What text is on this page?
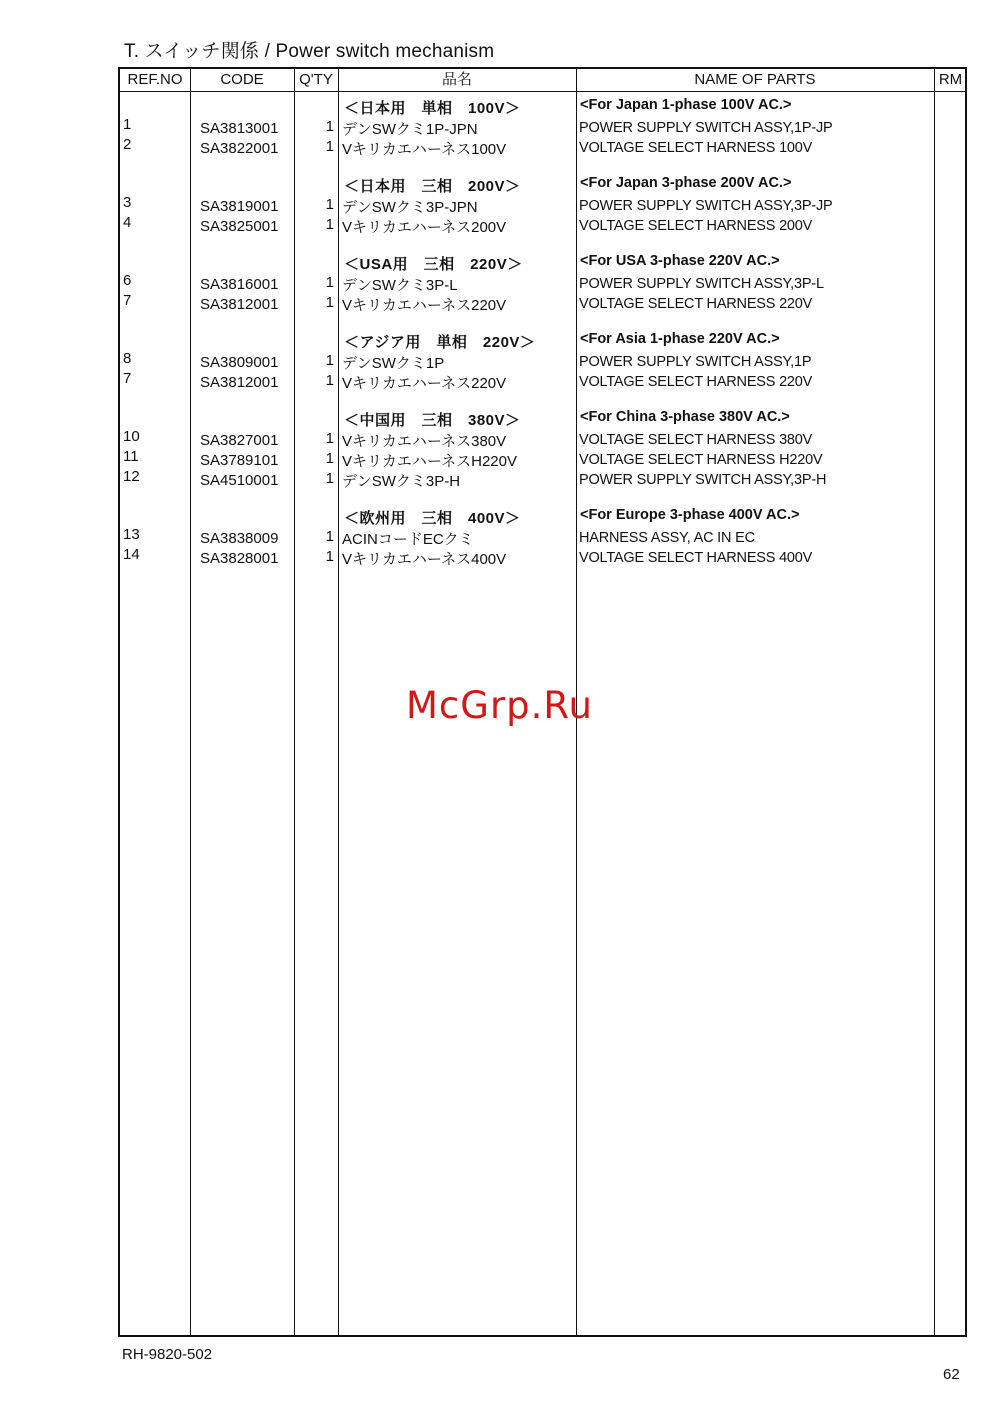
T. スイッチ関係 / Power switch mechanism
REF.NO	CODE	Q'TY	品名	NAME OF PARTS	RM
＜日本用　単相　100V＞	<For Japan 1-phase 100V AC.>
1	SA3813001	1 デンSWクミ1P-JPN	POWER SUPPLY SWITCH ASSY,1P-JP
2	SA3822001	1 Vキリカエハーネス100V	VOLTAGE SELECT HARNESS 100V
＜日本用　三相　200V＞	<For Japan 3-phase 200V AC.>
3	SA3819001	1 デンSWクミ3P-JPN	POWER SUPPLY SWITCH ASSY,3P-JP
4	SA3825001	1 Vキリカエハーネス200V	VOLTAGE SELECT HARNESS 200V
＜USA用　三相　220V＞	<For USA 3-phase 220V AC.>
6	SA3816001	1 デンSWクミ3P-L	POWER SUPPLY SWITCH ASSY,3P-L
7	SA3812001	1 Vキリカエハーネス220V	VOLTAGE SELECT HARNESS 220V
＜アジア用　単相　220V＞	<For Asia 1-phase 220V AC.>
8	SA3809001	1 デンSWクミ1P	POWER SUPPLY SWITCH ASSY,1P
7	SA3812001	1 Vキリカエハーネス220V	VOLTAGE SELECT HARNESS 220V
＜中国用　三相　380V＞	<For China 3-phase 380V AC.>
10	SA3827001	1 Vキリカエハーネス380V	VOLTAGE SELECT HARNESS 380V
11	SA3789101	1 VキリカエハーネスH220V	VOLTAGE SELECT HARNESS H220V
12	SA4510001	1 デンSWクミ3P-H	POWER SUPPLY SWITCH ASSY,3P-H
＜欧州用　三相　400V＞	<For Europe 3-phase 400V AC.>
13	SA3838009	1 ACINコードECクミ	HARNESS ASSY, AC IN EC
14	SA3828001	1 Vキリカエハーネス400V	VOLTAGE SELECT HARNESS 400V
McGrp.Ru
RH-9820-502
62
